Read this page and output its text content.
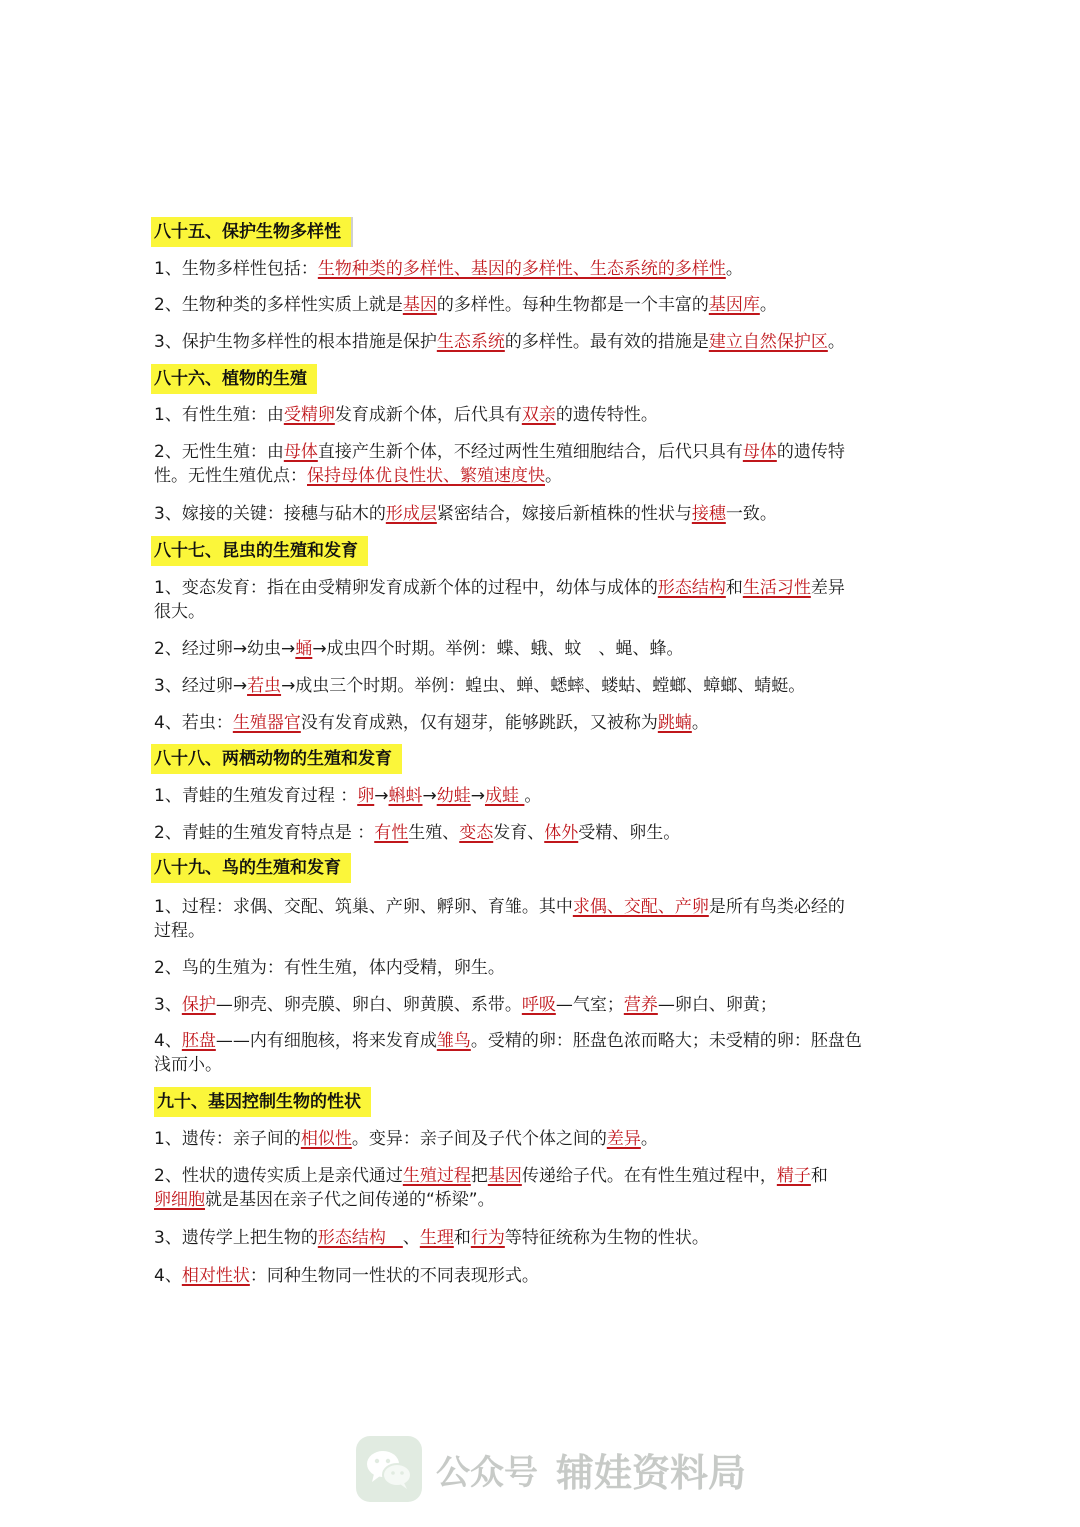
八十五、保护生物多样性
1、生物多样性包括：生物种类的多样性、基因的多样性、生态系统的多样性。
2、生物种类的多样性实质上就是基因的多样性。每种生物都是一个丰富的基因库。
3、保护生物多样性的根本措施是保护生态系统的多样性。最有效的措施是建立自然保护区。
八十六、植物的生殖
1、有性生殖：由受精卵发育成新个体，后代具有双亲的遗传特性。
2、无性生殖：由母体直接产生新个体，不经过两性生殖细胞结合，后代只具有母体的遗传特
性。无性生殖优点：保持母体优良性状、繁殖速度快。
3、嫁接的关键：接穗与砧木的形成层紧密结合，嫁接后新植株的性状与接穗一致。
八十七、昆虫的生殖和发育
1、变态发育：指在由受精卵发育成新个体的过程中，幼体与成体的形态结构和生活习性差异
很大。
2、经过卵→幼虫→蛹→成虫四个时期。举例：蝶、蛾、蚊　、蝇、蜂。
3、经过卵→若虫→成虫三个时期。举例：蝗虫、蝉、蟋蟀、蝼蛄、螳螂、蟑螂、蜻蜓。
4、若虫：生殖器官没有发育成熟，仅有翅芽，能够跳跃，又被称为跳蝻。
八十八、两栖动物的生殖和发育
1、青蛙的生殖发育过程 ：卵→蝌蚪→幼蛙→成蛙 。
2、青蛙的生殖发育特点是 ：有性生殖、变态发育、体外受精、卵生。
八十九、鸟的生殖和发育
1、过程：求偶、交配、筑巢、产卵、孵卵、育雏。其中求偶、交配、产卵是所有鸟类必经的
过程。
2、鸟的生殖为：有性生殖，体内受精，卵生。
3、保护—卵壳、卵壳膜、卵白、卵黄膜、系带。呼吸—气室；营养—卵白、卵黄；
4、胚盘——内有细胞核，将来发育成雏鸟。受精的卵：胚盘色浓而略大；未受精的卵：胚盘色
浅而小。
九十、基因控制生物的性状
1、遗传：亲子间的相似性。变异：亲子间及子代个体之间的差异。
2、性状的遗传实质上是亲代通过生殖过程把基因传递给子代。在有性生殖过程中，精子和
卵细胞就是基因在亲子代之间传递的“桥梁”。
3、遗传学上把生物的形态结构　、生理和行为等特征统称为生物的性状。
4、相对性状：同种生物同一性状的不同表现形式。
公众号 辅娃资料局
